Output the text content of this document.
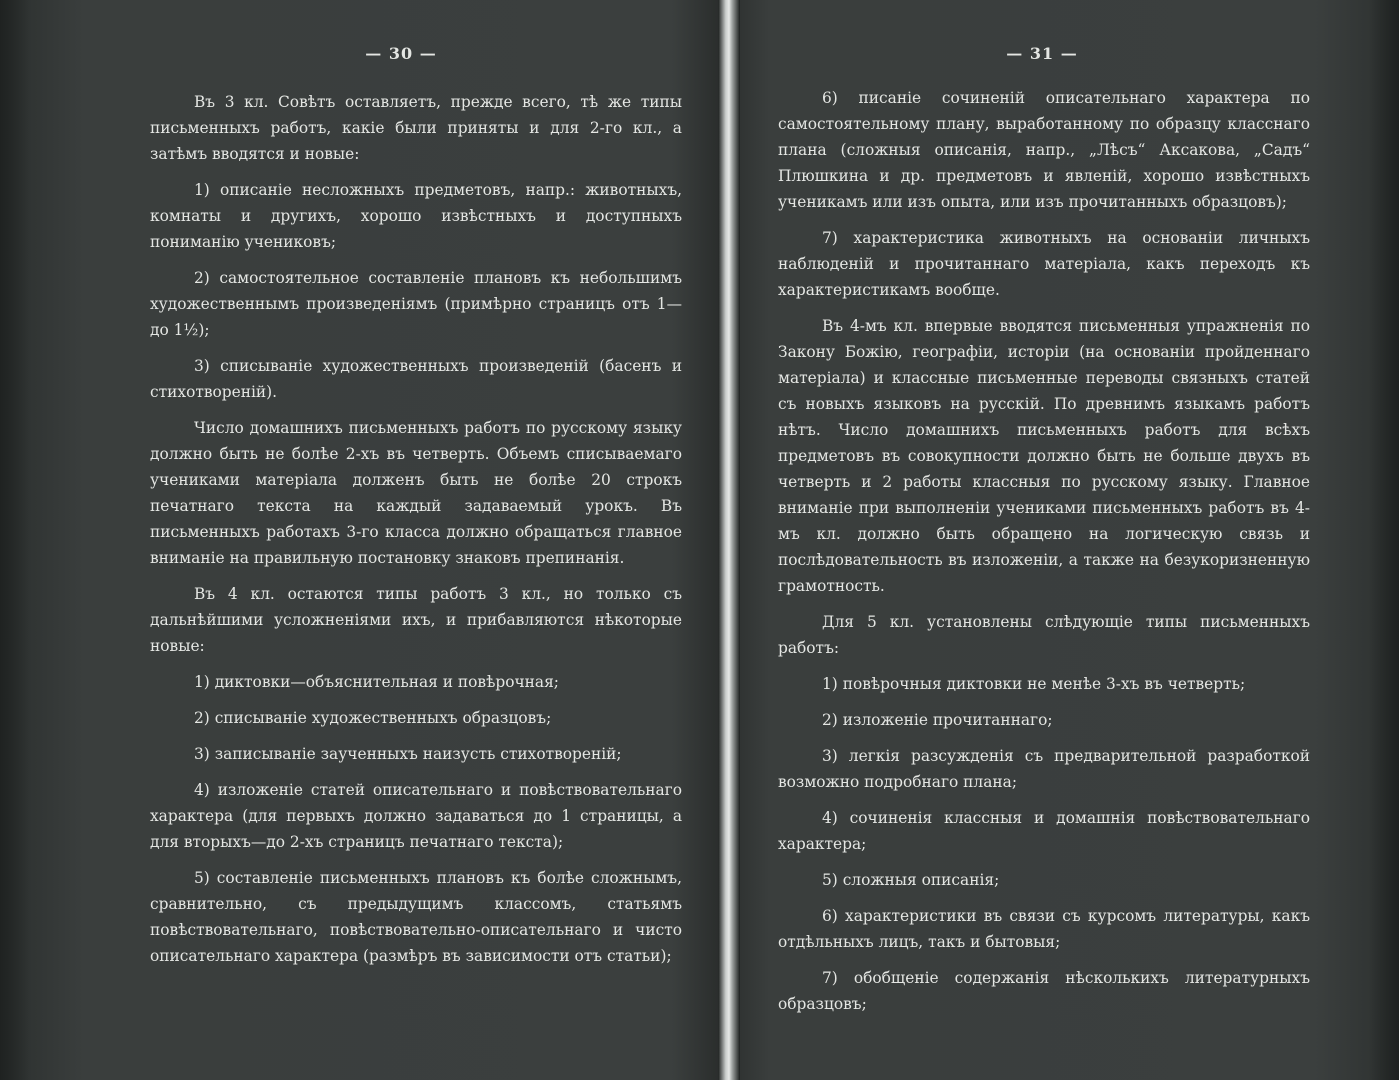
— 30 —

Въ 3 кл. Совѣтъ оставляетъ, прежде всего, тѣ же типы письменныхъ работъ, какіе были приняты и для 2-го кл., а затѣмъ вводятся и новые:

1) описаніе несложныхъ предметовъ, напр.: животныхъ, комнаты и другихъ, хорошо извѣстныхъ и доступныхъ пониманію учениковъ;

2) самостоятельное составленіе плановъ къ небольшимъ художественнымъ произведеніямъ (примѣрно страницъ отъ 1—до 1½);

3) списываніе художественныхъ произведеній (басенъ и стихотвореній).

Число домашнихъ письменныхъ работъ по русскому языку должно быть не болѣе 2-хъ въ четверть. Объемъ списываемаго учениками матеріала долженъ быть не болѣе 20 строкъ печатнаго текста на каждый задаваемый урокъ. Въ письменныхъ работахъ 3-го класса должно обращаться главное вниманіе на правильную постановку знаковъ препинанія.

Въ 4 кл. остаются типы работъ 3 кл., но только съ дальнѣйшими усложненіями ихъ, и прибавляются нѣкоторые новые:

1) диктовки—объяснительная и повѣрочная;

2) списываніе художественныхъ образцовъ;

3) записываніе заученныхъ наизусть стихотвореній;

4) изложеніе статей описательнаго и повѣствовательнаго характера (для первыхъ должно задаваться до 1 страницы, а для вторыхъ—до 2-хъ страницъ печатнаго текста);

5) составленіе письменныхъ плановъ къ болѣе сложнымъ, сравнительно, съ предыдущимъ классомъ, статьямъ повѣствовательнаго, повѣствовательно-описательнаго и чисто описательнаго характера (размѣръ въ зависимости отъ статьи);

— 31 —

6) писаніе сочиненій описательнаго характера по самостоятельному плану, выработанному по образцу класснаго плана (сложныя описанія, напр., „Лѣсъ“ Аксакова, „Садъ“ Плюшкина и др. предметовъ и явленій, хорошо извѣстныхъ ученикамъ или изъ опыта, или изъ прочитанныхъ образцовъ);

7) характеристика животныхъ на основаніи личныхъ наблюденій и прочитаннаго матеріала, какъ переходъ къ характеристикамъ вообще.

Въ 4-мъ кл. впервые вводятся письменныя упражненія по Закону Божію, географіи, исторіи (на основаніи пройденнаго матеріала) и классные письменные переводы связныхъ статей съ новыхъ языковъ на русскій. По древнимъ языкамъ работъ нѣтъ. Число домашнихъ письменныхъ работъ для всѣхъ предметовъ въ совокупности должно быть не больше двухъ въ четверть и 2 работы классныя по русскому языку. Главное вниманіе при выполненіи учениками письменныхъ работъ въ 4-мъ кл. должно быть обращено на логическую связь и послѣдовательность въ изложеніи, а также на безукоризненную грамотность.

Для 5 кл. установлены слѣдующіе типы письменныхъ работъ:

1) повѣрочныя диктовки не менѣе 3-хъ въ четверть;

2) изложеніе прочитаннаго;

3) легкія разсужденія съ предварительной разработкой возможно подробнаго плана;

4) сочиненія классныя и домашнія повѣствовательнаго характера;

5) сложныя описанія;

6) характеристики въ связи съ курсомъ литературы, какъ отдѣльныхъ лицъ, такъ и бытовыя;

7) обобщеніе содержанія нѣсколькихъ литературныхъ образцовъ;
